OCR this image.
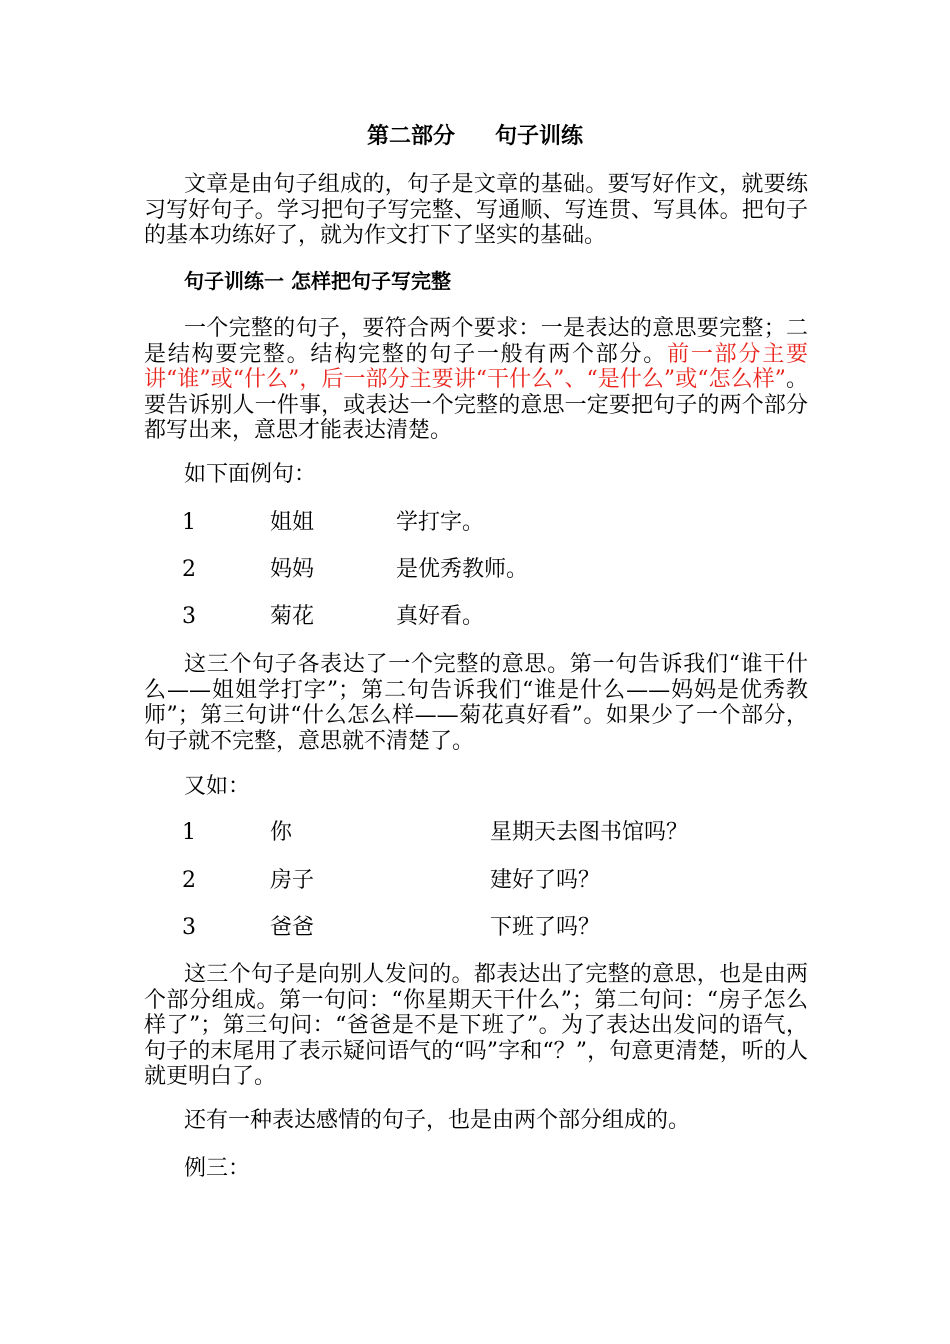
第二部分 句子训练

文章是由句子组成的，句子是文章的基础。要写好作文，就要练习写好句子。学习把句子写完整、写通顺、写连贯、写具体。把句子的基本功练好了，就为作文打下了坚实的基础。

句子训练一 怎样把句子写完整

一个完整的句子，要符合两个要求：一是表达的意思要完整；二是结构要完整。结构完整的句子一般有两个部分。前一部分主要讲“谁”或“什么”，后一部分主要讲“干什么”、“是什么”或“怎么样”。要告诉别人一件事，或表达一个完整的意思一定要把句子的两个部分都写出来，意思才能表达清楚。

如下面例句：

1	姐姐	学打字。
2	妈妈	是优秀教师。
3	菊花	真好看。

这三个句子各表达了一个完整的意思。第一句告诉我们“谁干什么——姐姐学打字”；第二句告诉我们“谁是什么——妈妈是优秀教师”；第三句讲“什么怎么样——菊花真好看”。如果少了一个部分，句子就不完整，意思就不清楚了。

又如：

1	你	星期天去图书馆吗？
2	房子	建好了吗？
3	爸爸	下班了吗？

这三个句子是向别人发问的。都表达出了完整的意思，也是由两个部分组成。第一句问：“你星期天干什么”；第二句问：“房子怎么样了”；第三句问：“爸爸是不是下班了”。为了表达出发问的语气，句子的末尾用了表示疑问语气的“吗”字和“？”，句意更清楚，听的人就更明白了。

还有一种表达感情的句子，也是由两个部分组成的。

例三：
